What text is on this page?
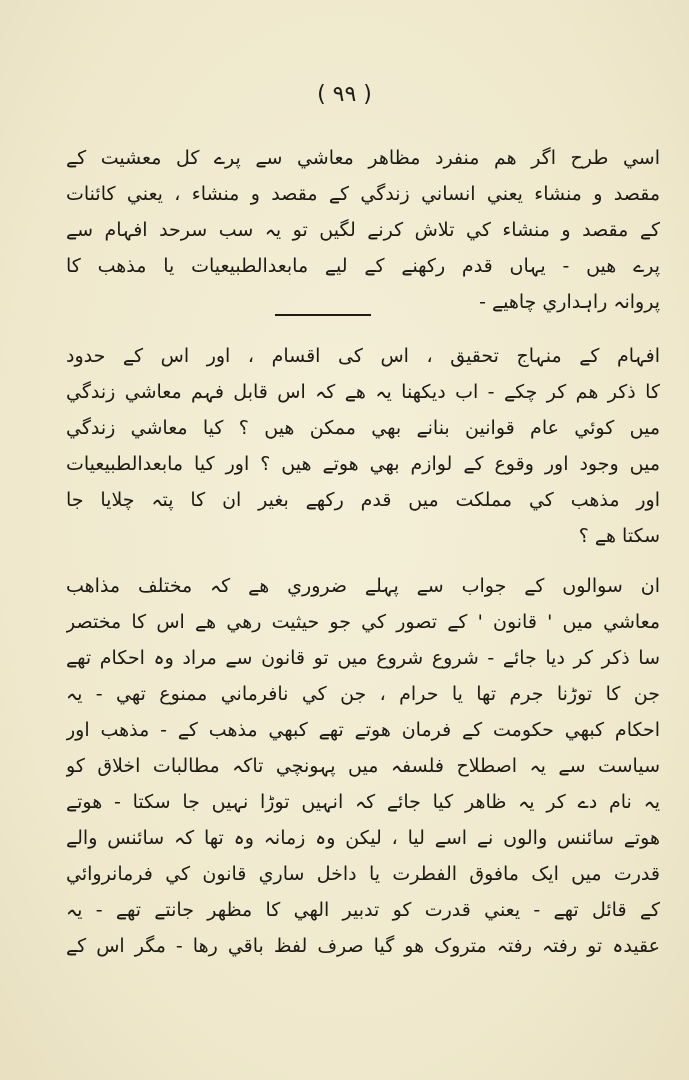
( ٩٩ )
اسي طرح اگر هم منفرد مظاهر معاشي سے پرے کل معشيت کے
مقصد و منشاء يعني انساني زندگي کے مقصد و منشاء ، يعني کائنات
کے مقصد و منشاء کي تلاش کرنے لگيں تو يہ سب سرحد افہام سے
پرے هيں - يہاں قدم رکھنے کے ليے مابعدالطبيعيات يا مذهب کا
پروانہ راہداري چاهيے -
افہام کے منہاج تحقيق ، اس کی اقسام ، اور اس کے حدود
کا ذکر هم کر چکے - اب ديکھنا يہ هے کہ اس قابل فہم معاشي زندگي
ميں کوئي عام قوانين بنانے بھي ممکن هيں ؟ کيا معاشي زندگي
ميں وجود اور وقوع کے لوازم بھي هوتے هيں ؟ اور کيا مابعدالطبيعيات
اور مذهب کي مملکت ميں قدم رکھے بغير ان کا پتہ چلايا جا
سکتا هے ؟
ان سوالوں کے جواب سے پہلے ضروري هے کہ مختلف مذاهب
معاشي ميں ' قانون ' کے تصور کي جو حيثيت رهي هے اس کا مختصر
سا ذکر کر ديا جائے - شروع شروع ميں تو قانون سے مراد وہ احکام تھے
جن کا توڑنا جرم تھا يا حرام ، جن کي نافرماني ممنوع تھي - يہ
احکام کبھي حکومت کے فرمان هوتے تھے کبھي مذهب کے - مذهب اور
سياست سے يہ اصطلاح فلسفہ ميں پہونچي تاکہ مطالبات اخلاق کو
يہ نام دے کر يہ ظاهر کيا جائے کہ انہيں توڑا نہيں جا سکتا - هوتے
هوتے سائنس والوں نے اسے ليا ، ليکن وہ زمانہ وہ تھا کہ سائنس والے
قدرت ميں ايک مافوق الفطرت يا داخل ساري قانون کي فرمانروائي
کے قائل تھے - يعني قدرت کو تدبير الهي کا مظهر جانتے تھے - يہ
عقيدہ تو رفتہ رفتہ متروک هو گيا صرف لفظ باقي رها - مگر اس کے
